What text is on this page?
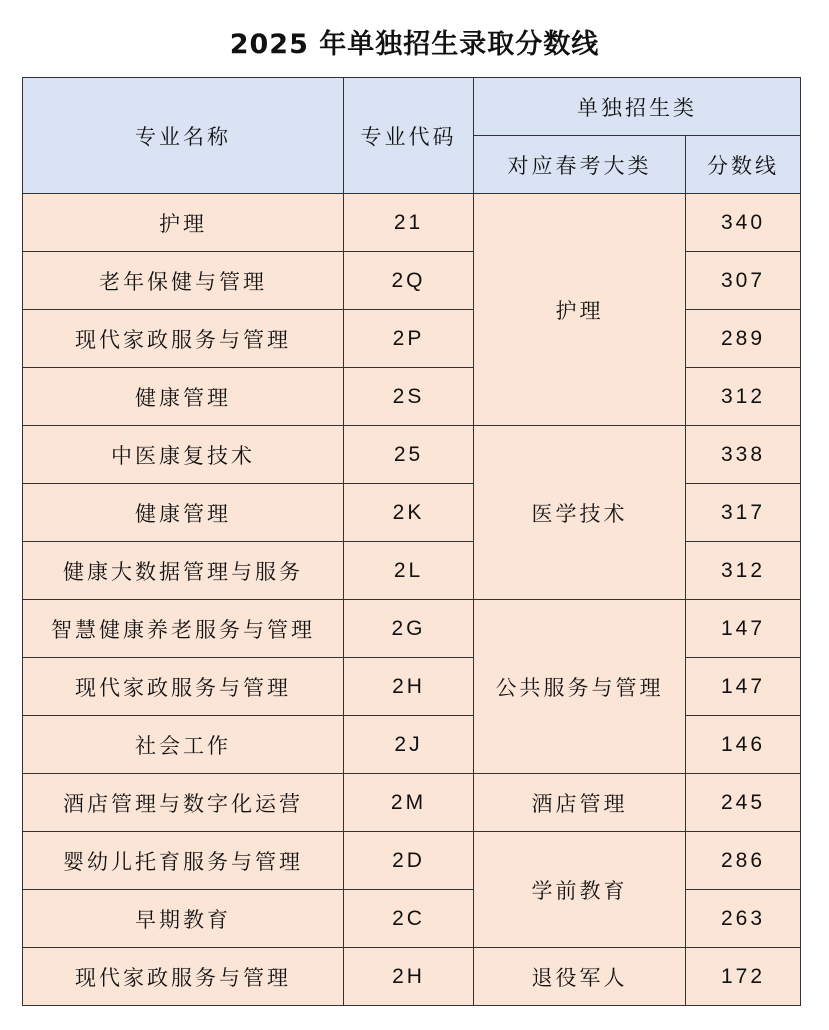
2025 年单独招生录取分数线
专业名称	专业代码	单独招生类	
		对应春考大类	分数线
护理	21	护理	340
老年保健与管理	2Q		307
现代家政服务与管理	2P		289
健康管理	2S		312
中医康复技术	25	医学技术	338
健康管理	2K		317
健康大数据管理与服务	2L		312
智慧健康养老服务与管理	2G	公共服务与管理	147
现代家政服务与管理	2H		147
社会工作	2J		146
酒店管理与数字化运营	2M	酒店管理	245
婴幼儿托育服务与管理	2D	学前教育	286
早期教育	2C		263
现代家政服务与管理	2H	退役军人	172
